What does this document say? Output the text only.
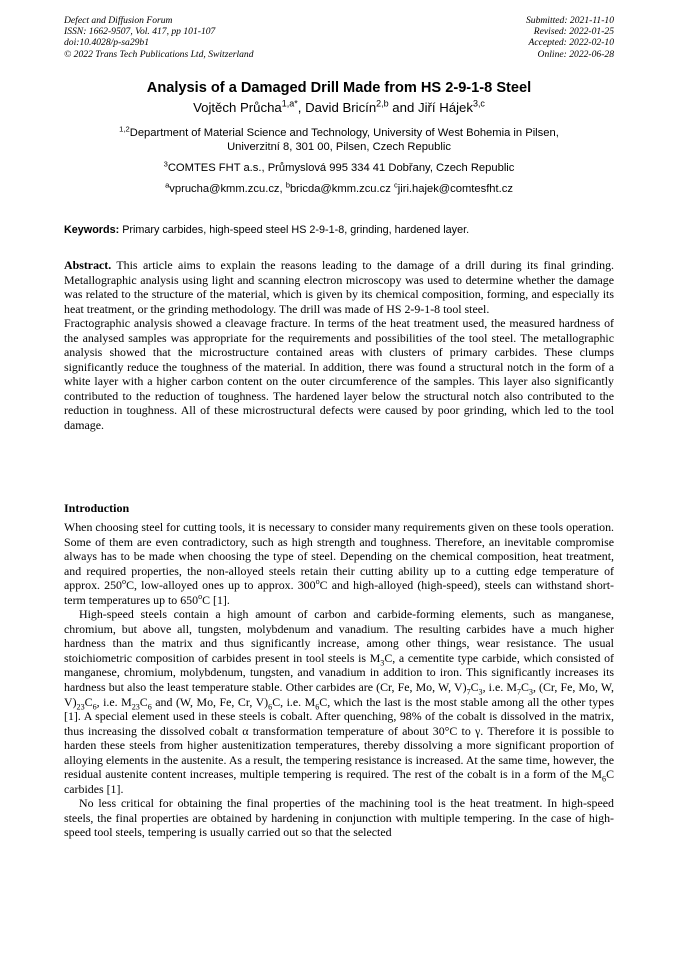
Defect and Diffusion Forum
ISSN: 1662-9507, Vol. 417, pp 101-107
doi:10.4028/p-sa29b1
© 2022 Trans Tech Publications Ltd, Switzerland
Submitted: 2021-11-10
Revised: 2022-01-25
Accepted: 2022-02-10
Online: 2022-06-28
Analysis of a Damaged Drill Made from HS 2-9-1-8 Steel
Vojtěch Průcha$^{1,a*}$, David Bricín$^{2,b}$ and Jiří Hájek$^{3,c}$
$^{1,2}$Department of Material Science and Technology, University of West Bohemia in Pilsen,
Univerzitní 8, 301 00, Pilsen, Czech Republic
$^3$COMTES FHT a.s., Průmyslová 995 334 41 Dobřany, Czech Republic
$^a$vprucha@kmm.zcu.cz, $^b$bricda@kmm.zcu.cz $^c$jiri.hajek@comtesfht.cz
Keywords: Primary carbides, high-speed steel HS 2-9-1-8, grinding, hardened layer.

Abstract. This article aims to explain the reasons leading to the damage of a drill during its final grinding. Metallographic analysis using light and scanning electron microscopy was used to determine whether the damage was related to the structure of the material, which is given by its chemical composition, forming, and especially its heat treatment, or the grinding methodology. The drill was made of HS 2-9-1-8 tool steel.

Fractographic analysis showed a cleavage fracture. In terms of the heat treatment used, the measured hardness of the analysed samples was appropriate for the requirements and possibilities of the tool steel. The metallographic analysis showed that the microstructure contained areas with clusters of primary carbides. These clumps significantly reduce the toughness of the material. In addition, there was found a structural notch in the form of a white layer with a higher carbon content on the outer circumference of the samples. This layer also significantly contributed to the reduction of toughness. The hardened layer below the structural notch also contributed to the reduction in toughness. All of these microstructural defects were caused by poor grinding, which led to the tool damage.

Introduction

When choosing steel for cutting tools, it is necessary to consider many requirements given on these tools operation. Some of them are even contradictory, such as high strength and toughness. Therefore, an inevitable compromise always has to be made when choosing the type of steel. Depending on the chemical composition, heat treatment, and required properties, the non-alloyed steels retain their cutting ability up to a cutting edge temperature of approx. 250$^o$C, low-alloyed ones up to approx. 300$^o$C and high-alloyed (high-speed), steels can withstand short-term temperatures up to 650$^o$C [1].

High-speed steels contain a high amount of carbon and carbide-forming elements, such as manganese, chromium, but above all, tungsten, molybdenum and vanadium. The resulting carbides have a much higher hardness than the matrix and thus significantly increase, among other things, wear resistance. The usual stoichiometric composition of carbides present in tool steels is $M_3C$, a cementite type carbide, which consisted of manganese, chromium, molybdenum, tungsten, and vanadium in addition to iron. This significantly increases its hardness but also the least temperature stable. Other carbides are (Cr, Fe, Mo, W, $V)_7C_3$, i.e. $M_7C_3$, (Cr, Fe, Mo, W, $V)_{23}C_6$, i.e. $M_{23}C_6$ and (W, Mo, Fe, Cr, $V)_6C$, i.e. $M_6C$, which the last is the most stable among all the other types [1]. A special element used in these steels is cobalt. After quenching, 98% of the cobalt is dissolved in the matrix, thus increasing the dissolved cobalt α transformation temperature of about 30°C to γ. Therefore it is possible to harden these steels from higher austenitization temperatures, thereby dissolving a more significant proportion of alloying elements in the austenite. As a result, the tempering resistance is increased. At the same time, however, the residual austenite content increases, multiple tempering is required. The rest of the cobalt is in a form of the $M_6C$ carbides [1].

No less critical for obtaining the final properties of the machining tool is the heat treatment. In high-speed steels, the final properties are obtained by hardening in conjunction with multiple tempering. In the case of high-speed tool steels, tempering is usually carried out so that the selected
